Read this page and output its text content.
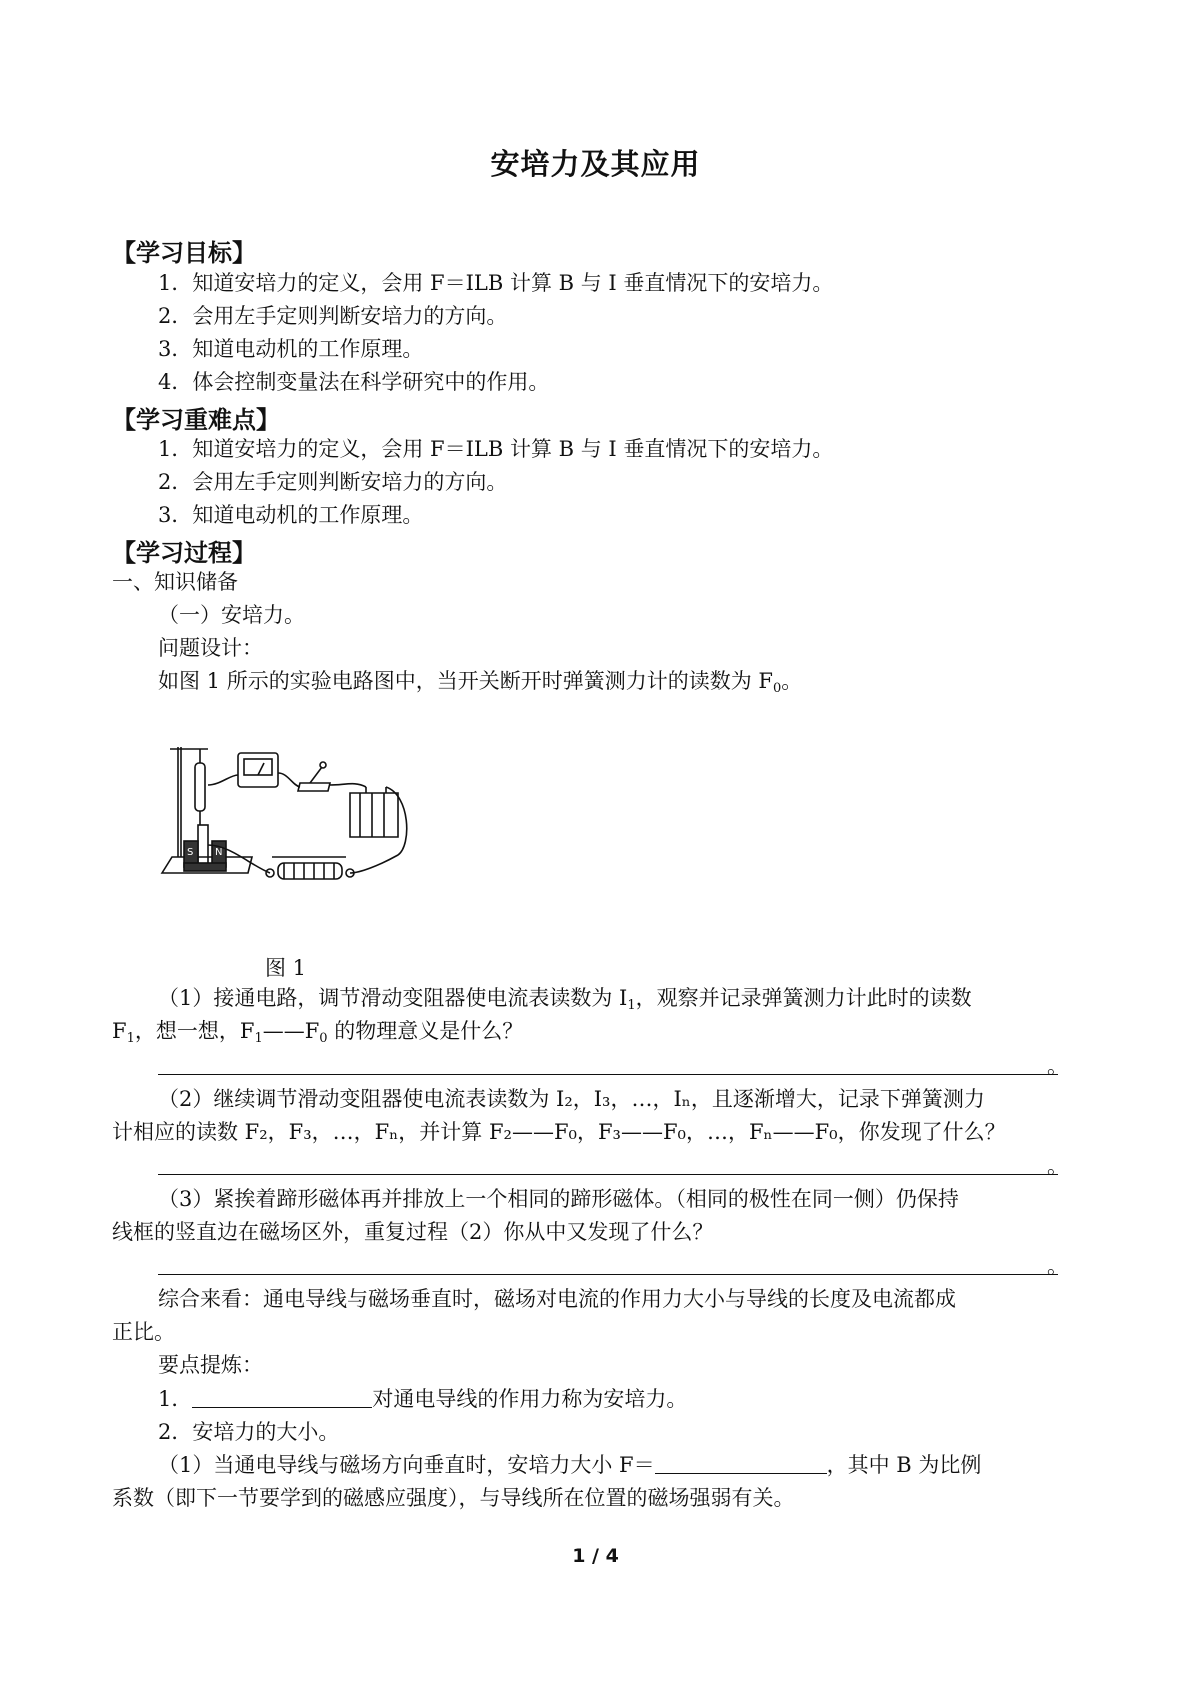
安培力及其应用
【学习目标】
1．知道安培力的定义，会用 F＝ILB 计算 B 与 I 垂直情况下的安培力。
2．会用左手定则判断安培力的方向。
3．知道电动机的工作原理。
4．体会控制变量法在科学研究中的作用。
【学习重难点】
1．知道安培力的定义，会用 F＝ILB 计算 B 与 I 垂直情况下的安培力。
2．会用左手定则判断安培力的方向。
3．知道电动机的工作原理。
【学习过程】
一、知识储备
（一）安培力。
问题设计：
如图 1 所示的实验电路图中，当开关断开时弹簧测力计的读数为 $F_0$。
S N
图 1
（1）接通电路，调节滑动变阻器使电流表读数为 $I_1$，观察并记录弹簧测力计此时的读数
$F_1$，想一想，$F_1——F_0$ 的物理意义是什么？
。
（2）继续调节滑动变阻器使电流表读数为 I₂，I₃，…，Iₙ，且逐渐增大，记录下弹簧测力
计相应的读数 F₂，F₃，…，Fₙ，并计算 F₂——F₀，F₃——F₀，…，Fₙ——F₀，你发现了什么？
。
（3）紧挨着蹄形磁体再并排放上一个相同的蹄形磁体。（相同的极性在同一侧）仍保持
线框的竖直边在磁场区外，重复过程（2）你从中又发现了什么？
。
综合来看：通电导线与磁场垂直时，磁场对电流的作用力大小与导线的长度及电流都成
正比。
要点提炼：
1．	对通电导线的作用力称为安培力。
2．安培力的大小。
（1）当通电导线与磁场方向垂直时，安培力大小 F＝	，其中 B 为比例
系数（即下一节要学到的磁感应强度），与导线所在位置的磁场强弱有关。
1 / 4
